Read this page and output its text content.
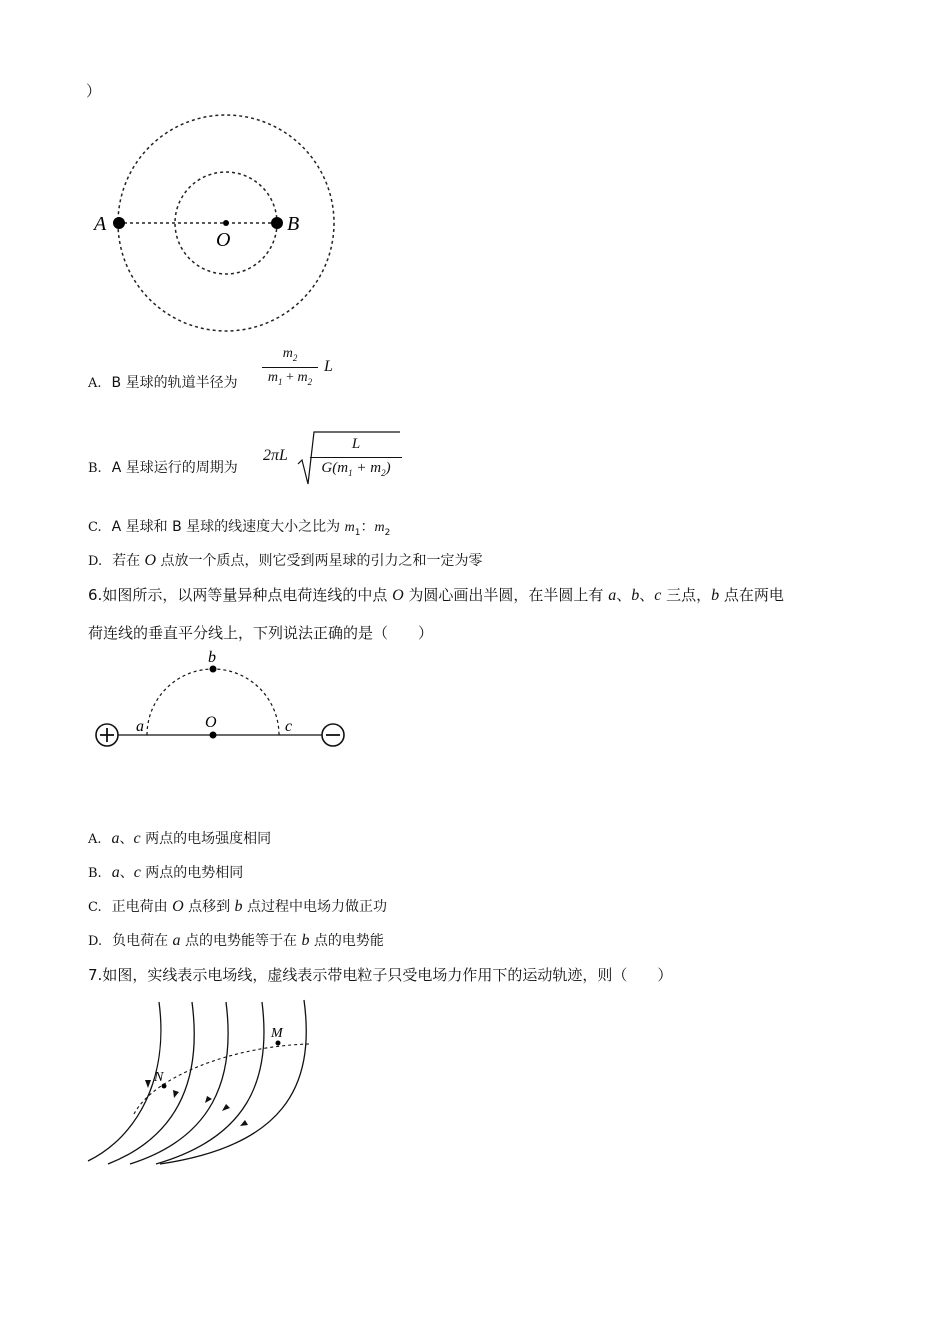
）
A	B
O
A. B 星球的轨道半径为
$m_2$
$m_1 + m_2$
L
B. A 星球运行的周期为
2πL
L
$G(m_1 + m_2)$
C. A 星球和 B 星球的线速度大小之比为 $m_1$：$m_2$
D. 若在 O 点放一个质点，则它受到两星球的引力之和一定为零
6.如图所示，以两等量异种点电荷连线的中点 O 为圆心画出半圆，在半圆上有 a、b、c 三点，b 点在两电
荷连线的垂直平分线上，下列说法正确的是（　　）
a
b
O	c
A. a、c 两点的电场强度相同
B. a、c 两点的电势相同
C. 正电荷由 O 点移到 b 点过程中电场力做正功
D. 负电荷在 a 点的电势能等于在 b 点的电势能
7.如图，实线表示电场线，虚线表示带电粒子只受电场力作用下的运动轨迹，则（　　）
N
M
